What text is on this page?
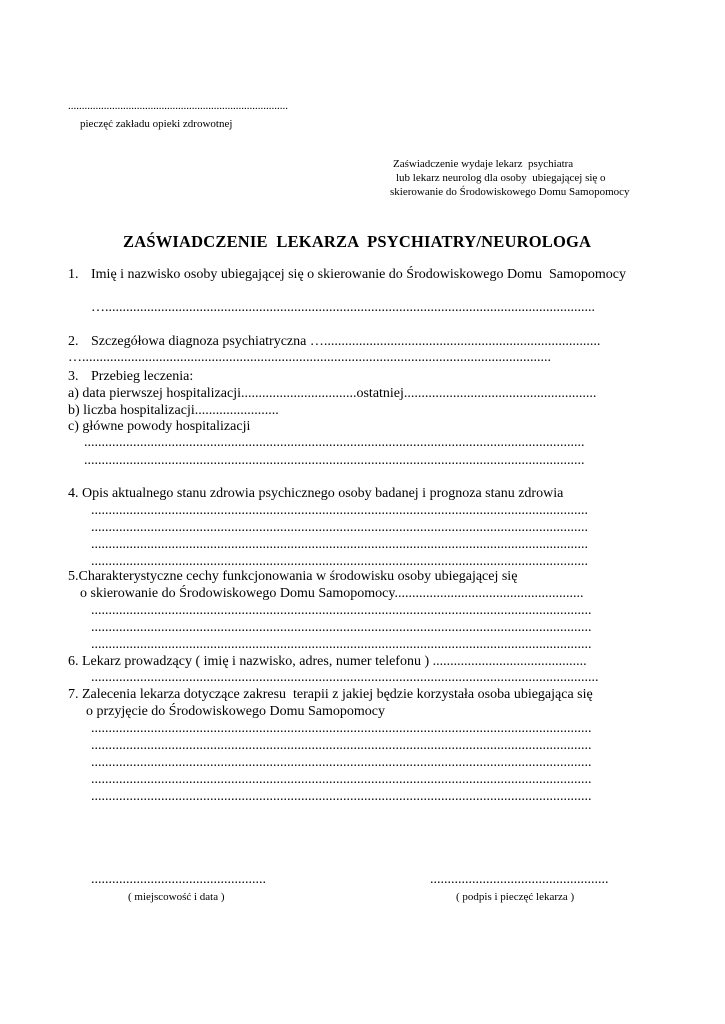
................................................................................
pieczęć zakładu opieki zdrowotnej
Zaświadczenie wydaje lekarz  psychiatra
lub lekarz neurolog dla osoby  ubiegającej się o
skierowanie do Środowiskowego Domu Samopomocy
ZAŚWIADCZENIE  LEKARZA  PSYCHIATRY/NEUROLOGA
1. Imię i nazwisko osoby ubiegającej się o skierowanie do Środowiskowego Domu  Samopomocy
…............................................................................................................................................
2. Szczegółowa diagnoza psychiatryczna …...............................................................................
…......................................................................................................................................
3. Przebieg leczenia:
a) data pierwszej hospitalizacji.................................ostatniej.......................................................
b) liczba hospitalizacji........................
c) główne powody hospitalizacji
...............................................................................................................................................
...............................................................................................................................................
4. Opis aktualnego stanu zdrowia psychicznego osoby badanej i prognoza stanu zdrowia
..............................................................................................................................................
..............................................................................................................................................
..............................................................................................................................................
..............................................................................................................................................
5.Charakterystyczne cechy funkcjonowania w środowisku osoby ubiegającej się
o skierowanie do Środowiskowego Domu Samopomocy......................................................
...............................................................................................................................................
...............................................................................................................................................
...............................................................................................................................................
6. Lekarz prowadzący ( imię i nazwisko, adres, numer telefonu ) ............................................
.................................................................................................................................................
7. Zalecenia lekarza dotyczące zakresu  terapii z jakiej będzie korzystała osoba ubiegająca się
o przyjęcie do Środowiskowego Domu Samopomocy
...............................................................................................................................................
...............................................................................................................................................
...............................................................................................................................................
...............................................................................................................................................
...............................................................................................................................................
..................................................
( miejscowość i data )
...................................................
( podpis i pieczęć lekarza )
